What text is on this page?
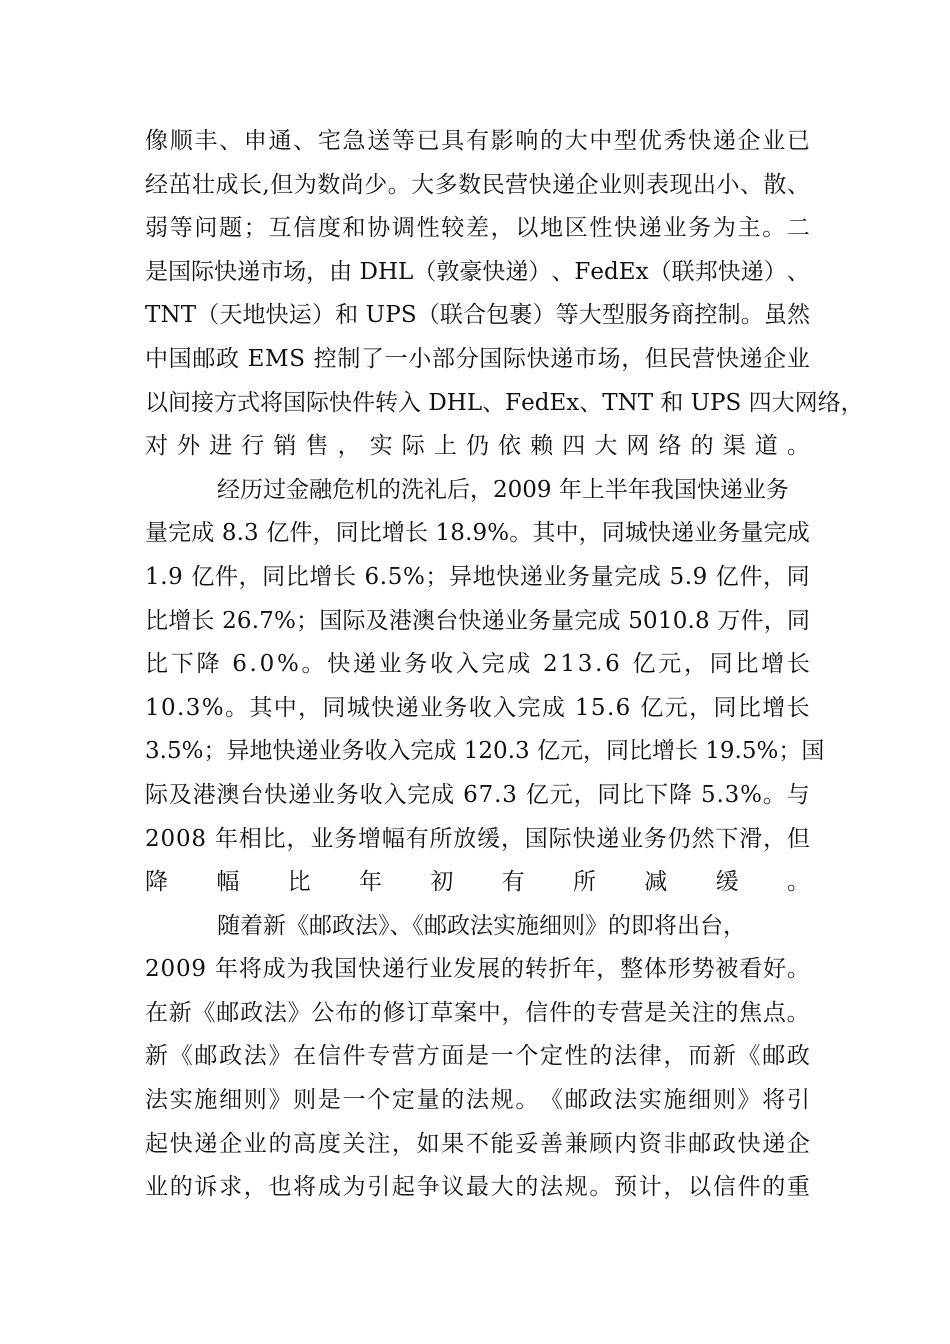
像 顺 丰 、 申 通 、 宅 急 送 等 已 具 有 影 响 的 大 中 型 优 秀 快 递 企 业 已
经 茁 壮 成 长 , 但 为 数 尚 少 。 大 多 数 民 营 快 递 企 业 则 表 现 出 小 、 散 、
弱 等 问 题 ； 互 信 度 和 协 调 性 较 差 ， 以 地 区 性 快 递 业 务 为 主 。 二
是 国 际 快 递 市 场 ， 由
D H L （ 敦 豪 快 递 ） 、 F e d E x （ 联 邦 快 递 ） 、
T N T （ 天 地 快 运 ） 和
U P S （ 联 合 包 裹 ） 等 大 型 服 务 商 控 制 。 虽 然
中 国 邮 政
E M S
控 制 了 一 小 部 分 国 际 快 递 市 场 ， 但 民 营 快 递 企 业
以 间 接 方 式 将 国 际 快 件 转 入
D H L 、 F e d E x 、 T N T
和
U P S
四 大 网 络 ，
对 外 进 行 销 售 ， 实 际 上 仍 依 赖 四 大 网 络 的 渠 道 。
经历过金融危机的洗礼后，2009 年上半年我国快递业务
量 完 成
8 . 3
亿 件 ， 同 比 增 长
1 8 . 9 % 。 其 中 ， 同 城 快 递 业 务 量 完 成
1 . 9
亿 件 ， 同 比 增 长
6 . 5 % ； 异 地 快 递 业 务 量 完 成
5 . 9
亿 件 ， 同
比 增 长
2 6 . 7 % ； 国 际 及 港 澳 台 快 递 业 务 量 完 成
5 0 1 0 . 8
万 件 ， 同
比 下 降
6 . 0 % 。 快 递 业 务 收 入 完 成
2 1 3 . 6
亿 元 ， 同 比 增 长
1 0 . 3 % 。 其 中 ， 同 城 快 递 业 务 收 入 完 成
1 5 . 6
亿 元 ， 同 比 增 长
3 . 5 % ； 异 地 快 递 业 务 收 入 完 成
1 2 0 . 3
亿 元 ， 同 比 增 长
1 9 . 5 % ； 国
际 及 港 澳 台 快 递 业 务 收 入 完 成
6 7 . 3
亿 元 ， 同 比 下 降
5 . 3 % 。 与
2 0 0 8
年 相 比 ， 业 务 增 幅 有 所 放 缓 ， 国 际 快 递 业 务 仍 然 下 滑 ， 但
降 幅 比 年 初 有 所 减 缓 。
随着新《邮政法》、《邮政法实施细则》的即将出台，
2 0 0 9
年 将 成 为 我 国 快 递 行 业 发 展 的 转 折 年 ， 整 体 形 势 被 看 好 。
在 新 《 邮 政 法 》 公 布 的 修 订 草 案 中 ， 信 件 的 专 营 是 关 注 的 焦 点 。
新 《 邮 政 法 》 在 信 件 专 营 方 面 是 一 个 定 性 的 法 律 ， 而 新 《 邮 政
法 实 施 细 则 》 则 是 一 个 定 量 的 法 规 。 《 邮 政 法 实 施 细 则 》 将 引
起 快 递 企 业 的 高 度 关 注 ， 如 果 不 能 妥 善 兼 顾 内 资 非 邮 政 快 递 企
业 的 诉 求 ， 也 将 成 为 引 起 争 议 最 大 的 法 规 。 预 计 ， 以 信 件 的 重
